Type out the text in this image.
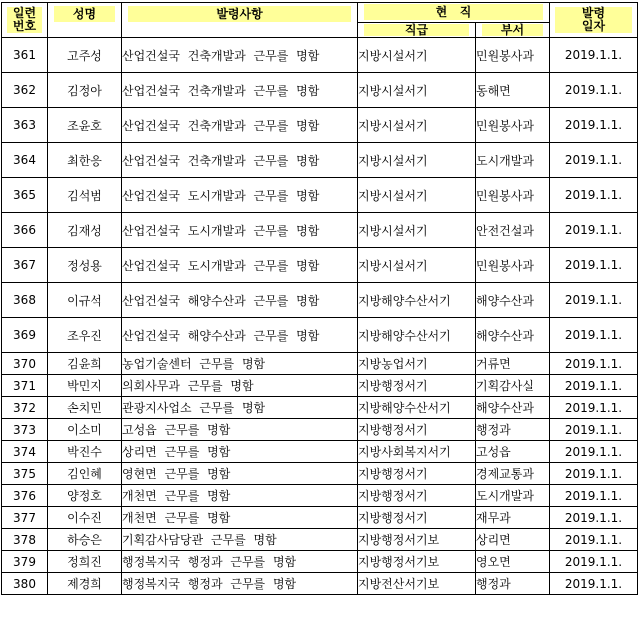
일련
번호	성명	발령사항	현   직		발령
일자

			직급	부서	

361	고주성	산업건설국 건축개발과 근무를 명함	지방시설서기	민원봉사과	2019.1.1.
362	김정아	산업건설국 건축개발과 근무를 명함	지방시설서기	동해면	2019.1.1.
363	조윤호	산업건설국 건축개발과 근무를 명함	지방시설서기	민원봉사과	2019.1.1.
364	최한응	산업건설국 건축개발과 근무를 명함	지방시설서기	도시개발과	2019.1.1.
365	김석범	산업건설국 도시개발과 근무를 명함	지방시설서기	민원봉사과	2019.1.1.
366	김재성	산업건설국 도시개발과 근무를 명함	지방시설서기	안전건설과	2019.1.1.
367	정성용	산업건설국 도시개발과 근무를 명함	지방시설서기	민원봉사과	2019.1.1.
368	이규석	산업건설국 해양수산과 근무를 명함	지방해양수산서기	해양수산과	2019.1.1.
369	조우진	산업건설국 해양수산과 근무를 명함	지방해양수산서기	해양수산과	2019.1.1.
370	김윤희	농업기술센터 근무를 명함	지방농업서기	거류면	2019.1.1.
371	박민지	의회사무과 근무를 명함	지방행정서기	기획감사실	2019.1.1.
372	손치민	관광지사업소 근무를 명함	지방해양수산서기	해양수산과	2019.1.1.
373	이소미	고성읍 근무를 명함	지방행정서기	행정과	2019.1.1.
374	박진수	상리면 근무를 명함	지방사회복지서기	고성읍	2019.1.1.
375	김인혜	영현면 근무를 명함	지방행정서기	경제교통과	2019.1.1.
376	양정호	개천면 근무를 명함	지방행정서기	도시개발과	2019.1.1.
377	이수진	개천면 근무를 명함	지방행정서기	재무과	2019.1.1.
378	하승은	기획감사담당관 근무를 명함	지방행정서기보	상리면	2019.1.1.
379	정희진	행정복지국 행정과 근무를 명함	지방행정서기보	영오면	2019.1.1.
380	제경희	행정복지국 행정과 근무를 명함	지방전산서기보	행정과	2019.1.1.
